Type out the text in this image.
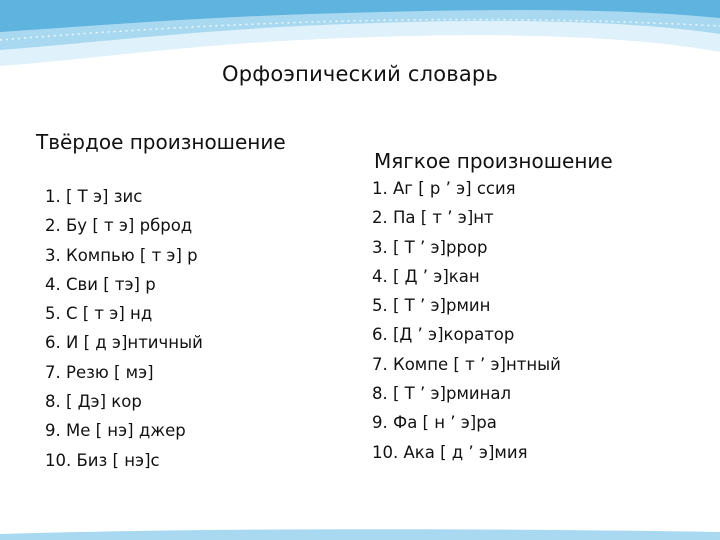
Орфоэпический словарь
Твёрдое произношение
Мягкое произношение
1. [ Т э] зис
2. Бу [ т э] рброд
3. Компью [ т э] р
4. Сви [ тэ] р
5. С [ т э] нд
6. И [ д э]нтичный
7. Резю [ мэ]
8. [ Дэ] кор
9. Ме [ нэ] джер
10. Биз [ нэ]с
1. Аг [ р ’ э] ссия
2. Па [ т ’ э]нт
3. [ Т ’ э]ррор
4. [ Д ’ э]кан
5. [ Т ’ э]рмин
6. [Д ’ э]коратор
7. Компе [ т ’ э]нтный
8. [ Т ’ э]рминал
9. Фа [ н ’ э]ра
10. Ака [ д ’ э]мия
